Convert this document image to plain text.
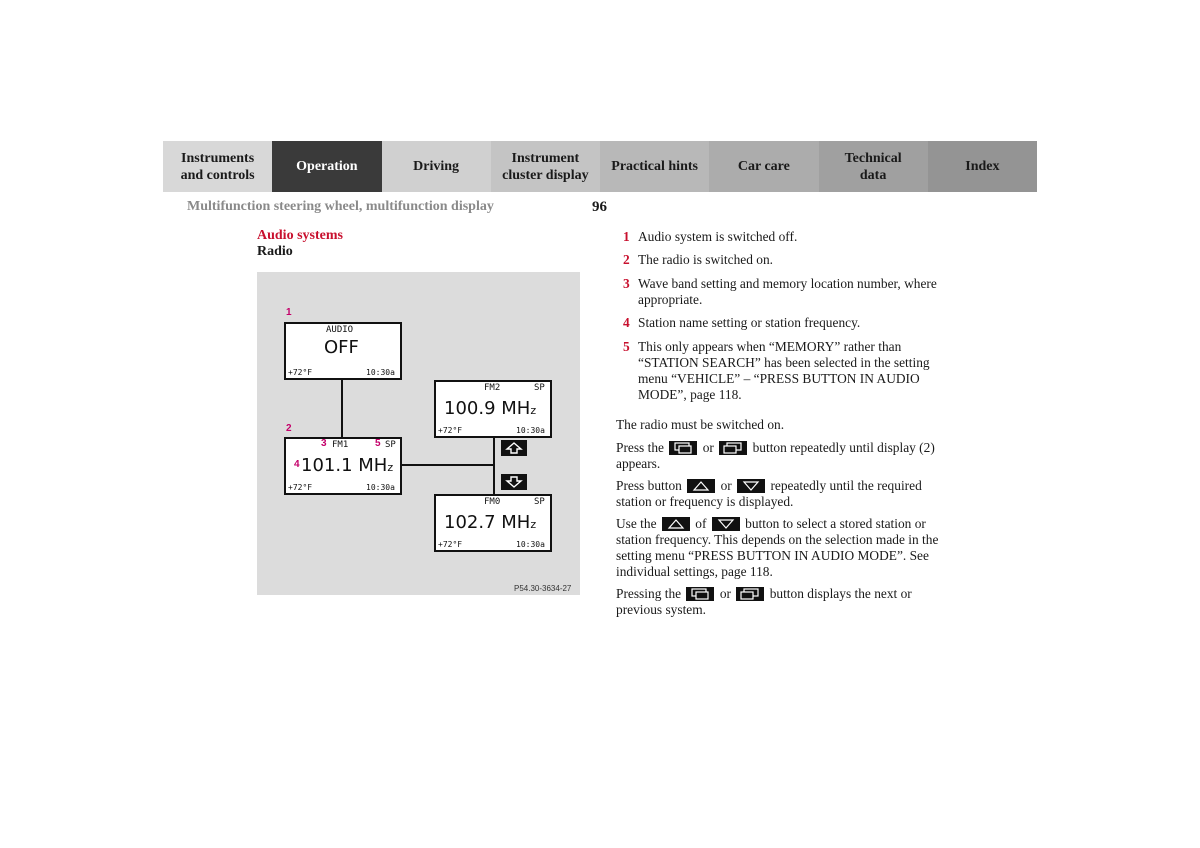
Instruments
and controls
Operation	Driving
Instrument
cluster display
Practical hints	Car care
Technical
data
Index
Multifunction steering wheel, multifunction display	96
Audio systems
Radio
1
2
AUDIO
OFF
+72°F	10:30a
FM2	SP
100.9 MHz
+72°F	10:30a
3 FM1	5 SP
4 101.1 MHz
+72°F	10:30a
FM0	SP
102.7 MHz
+72°F	10:30a
P54.30-3634-27
1 Audio system is switched off.
2 The radio is switched on.
3 Wave band setting and memory location number, where appropriate.
4 Station name setting or station frequency.
5 This only appears when “MEMORY” rather than “STATION SEARCH” has been selected in the setting menu “VEHICLE” – “PRESS BUTTON IN AUDIO MODE”, page 118.
The radio must be switched on.
Press the	or	button repeatedly until display (2) appears.
Press button	or	repeatedly until the required station or frequency is displayed.
Use the	of	button to select a stored station or station frequency. This depends on the selection made in the setting menu “PRESS BUTTON IN AUDIO MODE”. See individual settings, page 118.
Pressing the	or	button displays the next or previous system.
